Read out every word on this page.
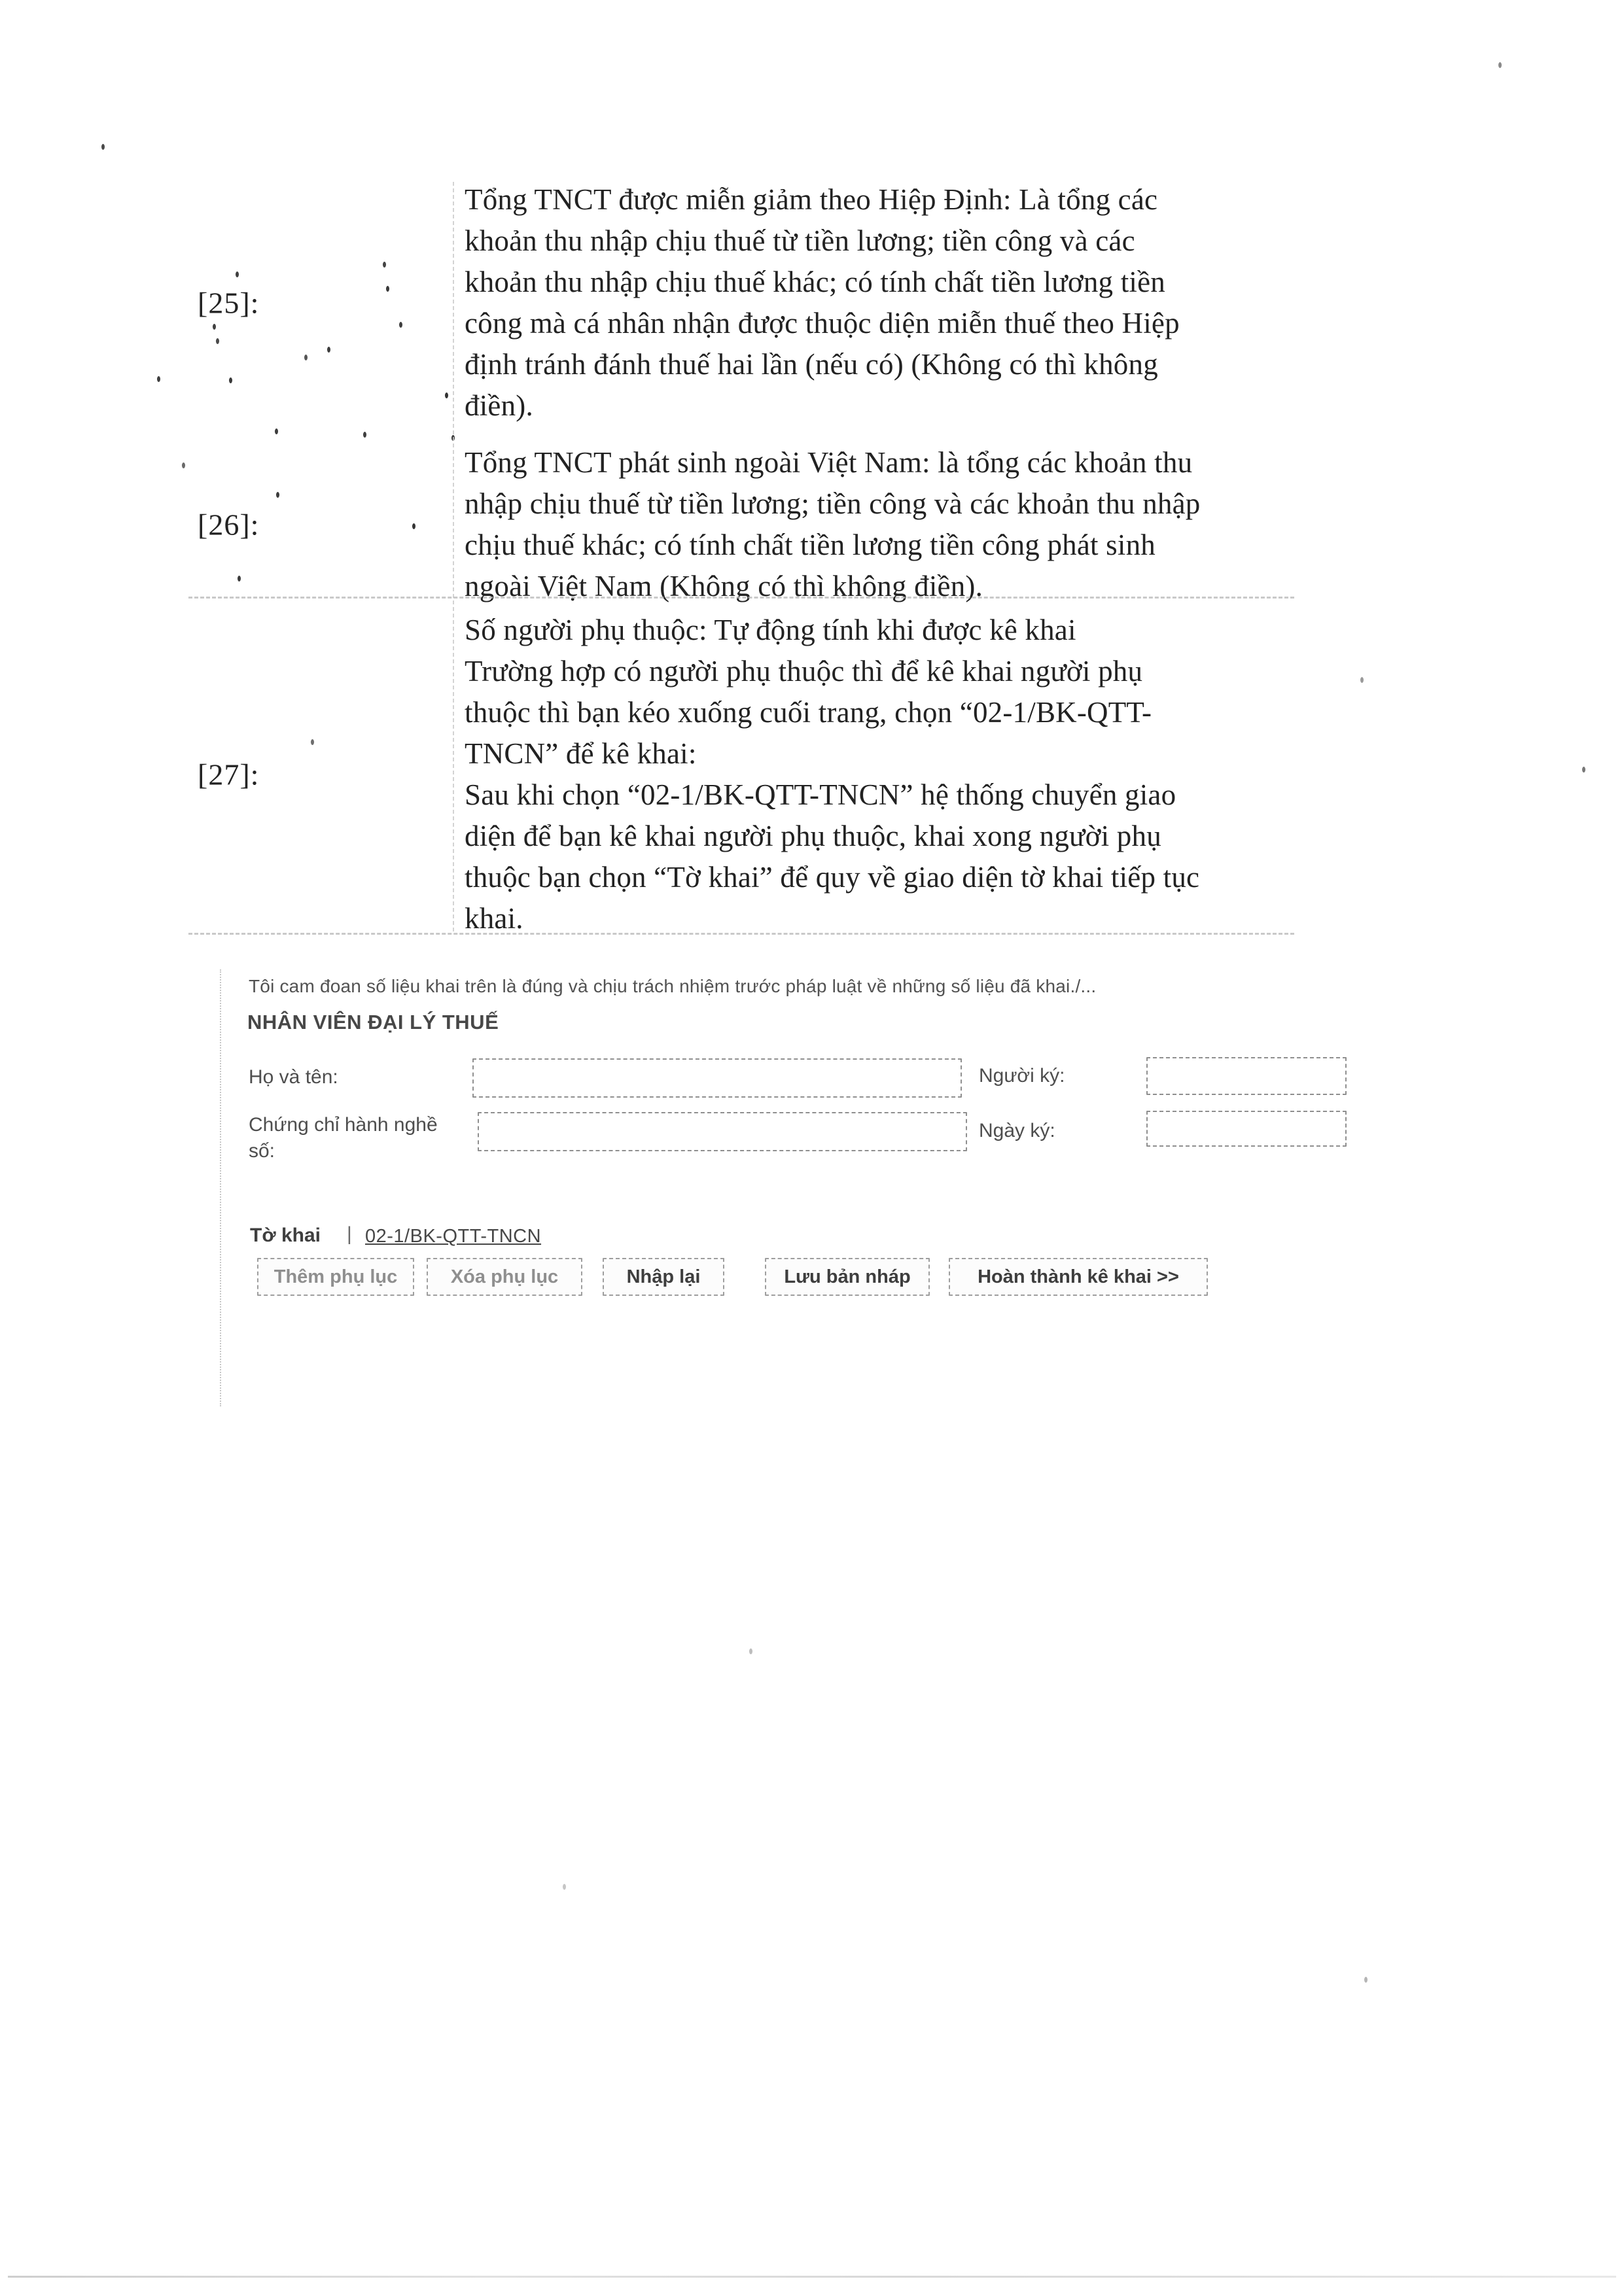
[25]:
Tổng TNCT được miễn giảm theo Hiệp Định: Là tổng các
khoản thu nhập chịu thuế từ tiền lương; tiền công và các
khoản thu nhập chịu thuế khác; có tính chất tiền lương tiền
công mà cá nhân nhận được thuộc diện miễn thuế theo Hiệp
định tránh đánh thuế hai lần (nếu có) (Không có thì không
điền).
[26]:
Tổng TNCT phát sinh ngoài Việt Nam: là tổng các khoản thu
nhập chịu thuế từ tiền lương; tiền công và các khoản thu nhập
chịu thuế khác; có tính chất tiền lương tiền công phát sinh
ngoài Việt Nam (Không có thì không điền).
[27]:
Số người phụ thuộc: Tự động tính khi được kê khai
Trường hợp có người phụ thuộc thì để kê khai người phụ
thuộc thì bạn kéo xuống cuối trang, chọn “02-1/BK-QTT-
TNCN” để kê khai:
Sau khi chọn “02-1/BK-QTT-TNCN” hệ thống chuyển giao
diện để bạn kê khai người phụ thuộc, khai xong người phụ
thuộc bạn chọn “Tờ khai” để quy về giao diện tờ khai tiếp tục
khai.
Tôi cam đoan số liệu khai trên là đúng và chịu trách nhiệm trước pháp luật về những số liệu đã khai./...
NHÂN VIÊN ĐẠI LÝ THUẾ
Họ và tên:	Người ký:
Chứng chỉ hành nghề số:
Ngày ký:
Tờ khai | 02-1/BK-QTT-TNCN
Thêm phụ lục	Xóa phụ lục	Nhập lại	Lưu bản nháp	Hoàn thành kê khai >>
